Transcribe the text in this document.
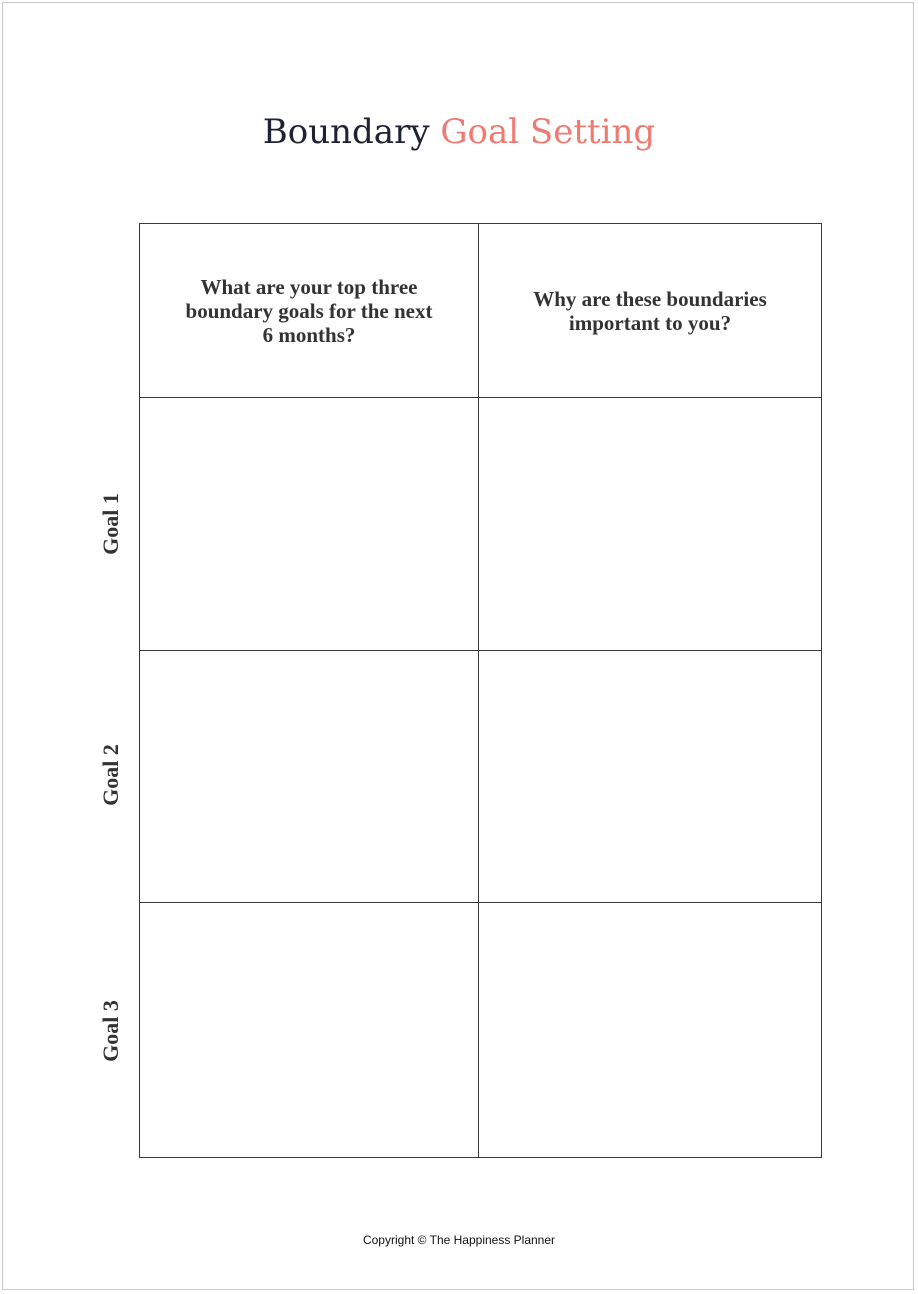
Boundary Goal Setting

What are your top three boundary goals for the next 6 months?	Why are these boundaries important to you?

Goal 1
Goal 2
Goal 3
Copyright © The Happiness Planner
